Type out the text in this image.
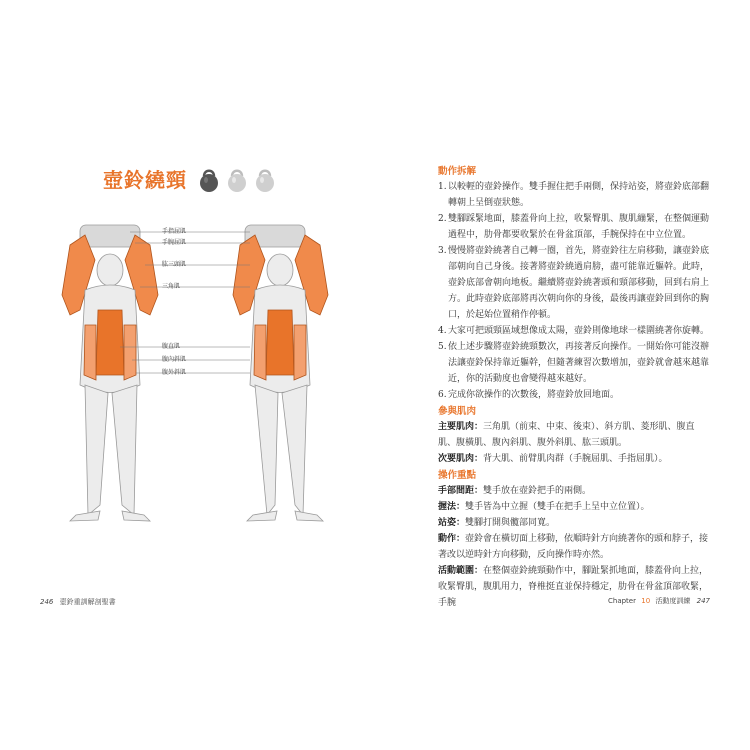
壺鈴繞頸
手指屈肌
手腕屈肌
肱三頭肌
三角肌
腹直肌
腹內斜肌
腹外斜肌
246 壺鈴重訓解剖聖書
動作拆解
1. 以較輕的壺鈴操作。雙手握住把手兩側，保持站姿，將壺鈴底部翻轉朝上呈倒壺狀態。
2. 雙腳踩緊地面，膝蓋骨向上拉，收緊臀肌、腹肌繃緊，在整個運動過程中，肋骨都要收緊於在骨盆頂部，手腕保持在中立位置。
3. 慢慢將壺鈴繞著自己轉一圈，首先，將壺鈴往左肩移動，讓壺鈴底部朝向自己身後。接著將壺鈴繞過肩膀，盡可能靠近軀幹。此時，壺鈴底部會朝向地板。繼續將壺鈴繞著頭和頸部移動，回到右肩上方。此時壺鈴底部將再次朝向你的身後，最後再讓壺鈴回到你的胸口，於起始位置稍作停頓。
4. 大家可把頭頸區域想像成太陽，壺鈴則像地球一樣圍繞著你旋轉。
5. 依上述步驟將壺鈴繞頸數次，再接著反向操作。一開始你可能沒辦法讓壺鈴保持靠近軀幹，但隨著練習次數增加，壺鈴就會越來越靠近，你的活動度也會變得越來越好。
6. 完成你欲操作的次數後，將壺鈴放回地面。
參與肌肉
主要肌肉：三角肌（前束、中束、後束）、斜方肌、菱形肌、腹直肌、腹橫肌、腹內斜肌、腹外斜肌、肱三頭肌。
次要肌肉：背大肌、前臂肌肉群（手腕屈肌、手指屈肌）。
操作重點
手部間距：雙手放在壺鈴把手的兩側。
握法：雙手皆為中立握（雙手在把手上呈中立位置）。
站姿：雙腳打開與髖部同寬。
動作：壺鈴會在橫切面上移動，依順時針方向繞著你的頭和脖子，接著改以逆時針方向移動，反向操作時亦然。
活動範圍：在整個壺鈴繞頸動作中，腳趾緊抓地面，膝蓋骨向上拉，收緊臀肌，腹肌用力，脊椎挺直並保持穩定，肋骨在骨盆頂部收緊，手腕	Chapter 10 活動度訓練 247
